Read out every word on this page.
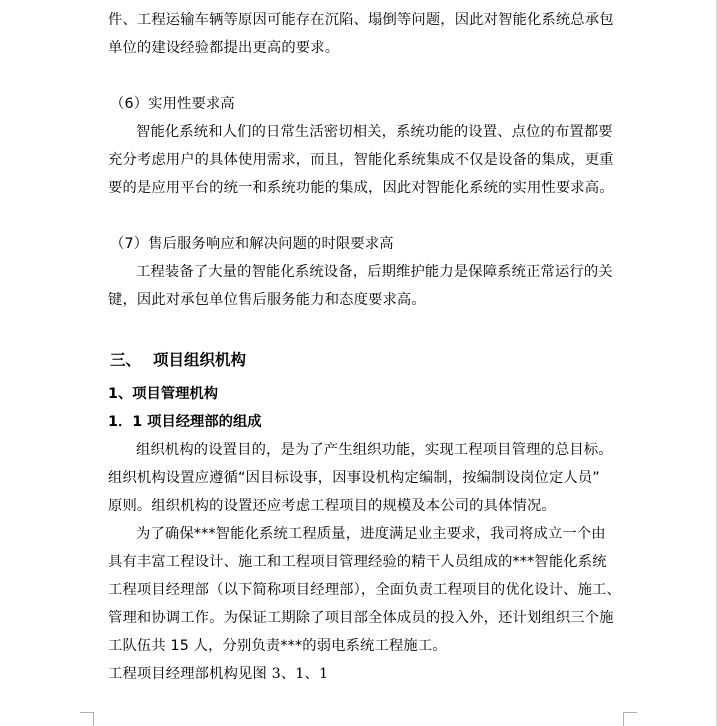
件、工程运输车辆等原因可能存在沉陷、塌倒等问题，因此对智能化系统总承包
单位的建设经验都提出更高的要求。
（6）实用性要求高
智能化系统和人们的日常生活密切相关，系统功能的设置、点位的布置都要
充分考虑用户的具体使用需求，而且，智能化系统集成不仅是设备的集成，更重
要的是应用平台的统一和系统功能的集成，因此对智能化系统的实用性要求高。
（7）售后服务响应和解决问题的时限要求高
工程装备了大量的智能化系统设备，后期维护能力是保障系统正常运行的关
键，因此对承包单位售后服务能力和态度要求高。
三、 项目组织机构
1、项目管理机构
1．1 项目经理部的组成
组织机构的设置目的，是为了产生组织功能，实现工程项目管理的总目标。
组织机构设置应遵循“因目标设事，因事设机构定编制，按编制设岗位定人员”
原则。组织机构的设置还应考虑工程项目的规模及本公司的具体情况。
为了确保***智能化系统工程质量，进度满足业主要求，我司将成立一个由
具有丰富工程设计、施工和工程项目管理经验的精干人员组成的***智能化系统
工程项目经理部（以下简称项目经理部），全面负责工程项目的优化设计、施工、
管理和协调工作。为保证工期除了项目部全体成员的投入外，还计划组织三个施
工队伍共 15 人，分别负责***的弱电系统工程施工。
工程项目经理部机构见图 3、1、1
